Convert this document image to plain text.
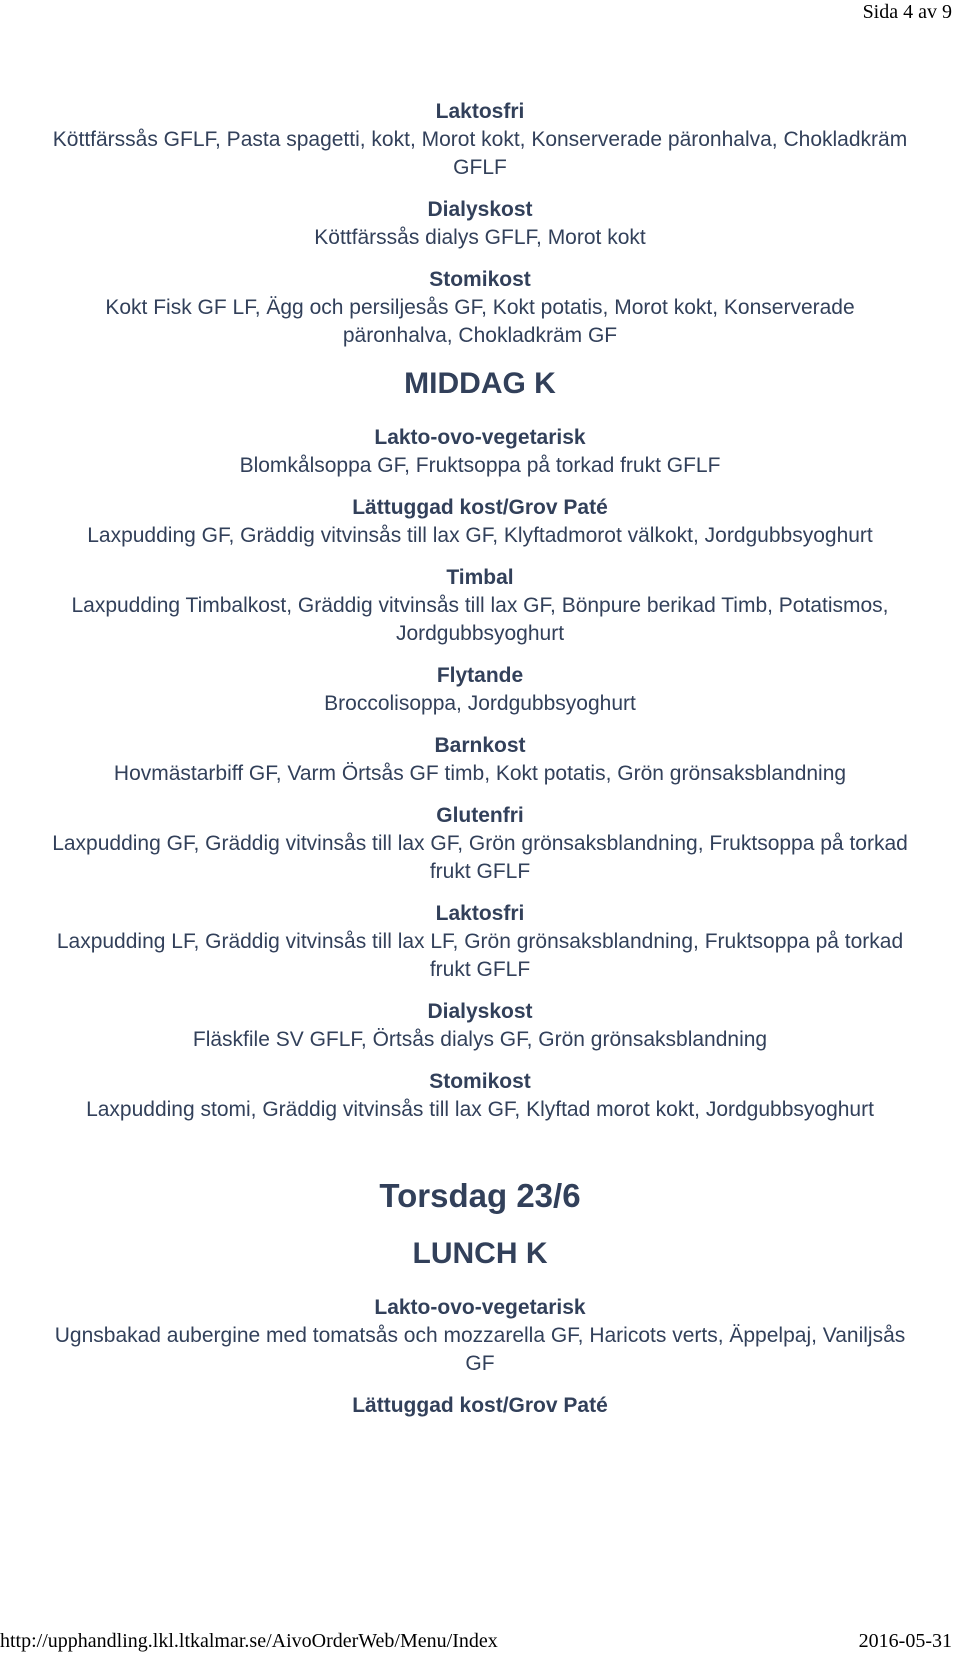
Sida 4 av 9
Laktosfri
Köttfärssås GFLF, Pasta spagetti, kokt, Morot kokt, Konserverade päronhalva, Chokladkräm GFLF
Dialyskost
Köttfärssås dialys GFLF, Morot kokt
Stomikost
Kokt Fisk GF LF, Ägg och persiljesås GF, Kokt potatis, Morot kokt, Konserverade päronhalva, Chokladkräm GF
MIDDAG K
Lakto-ovo-vegetarisk
Blomkålsoppa GF, Fruktsoppa på torkad frukt GFLF
Lättuggad kost/Grov Paté
Laxpudding GF, Gräddig vitvinsås till lax GF, Klyftadmorot välkokt, Jordgubbsyoghurt
Timbal
Laxpudding Timbalkost, Gräddig vitvinsås till lax GF, Bönpure berikad Timb, Potatismos, Jordgubbsyoghurt
Flytande
Broccolisoppa, Jordgubbsyoghurt
Barnkost
Hovmästarbiff GF, Varm Örtsås GF timb, Kokt potatis, Grön grönsaksblandning
Glutenfri
Laxpudding GF, Gräddig vitvinsås till lax GF, Grön grönsaksblandning, Fruktsoppa på torkad frukt GFLF
Laktosfri
Laxpudding LF, Gräddig vitvinsås till lax LF, Grön grönsaksblandning, Fruktsoppa på torkad frukt GFLF
Dialyskost
Fläskfile SV GFLF, Örtsås dialys GF, Grön grönsaksblandning
Stomikost
Laxpudding stomi, Gräddig vitvinsås till lax GF, Klyftad morot kokt, Jordgubbsyoghurt
Torsdag 23/6
LUNCH K
Lakto-ovo-vegetarisk
Ugnsbakad aubergine med tomatsås och mozzarella GF, Haricots verts, Äppelpaj, Vaniljsås GF
Lättuggad kost/Grov Paté
http://upphandling.lkl.ltkalmar.se/AivoOrderWeb/Menu/Index	2016-05-31
